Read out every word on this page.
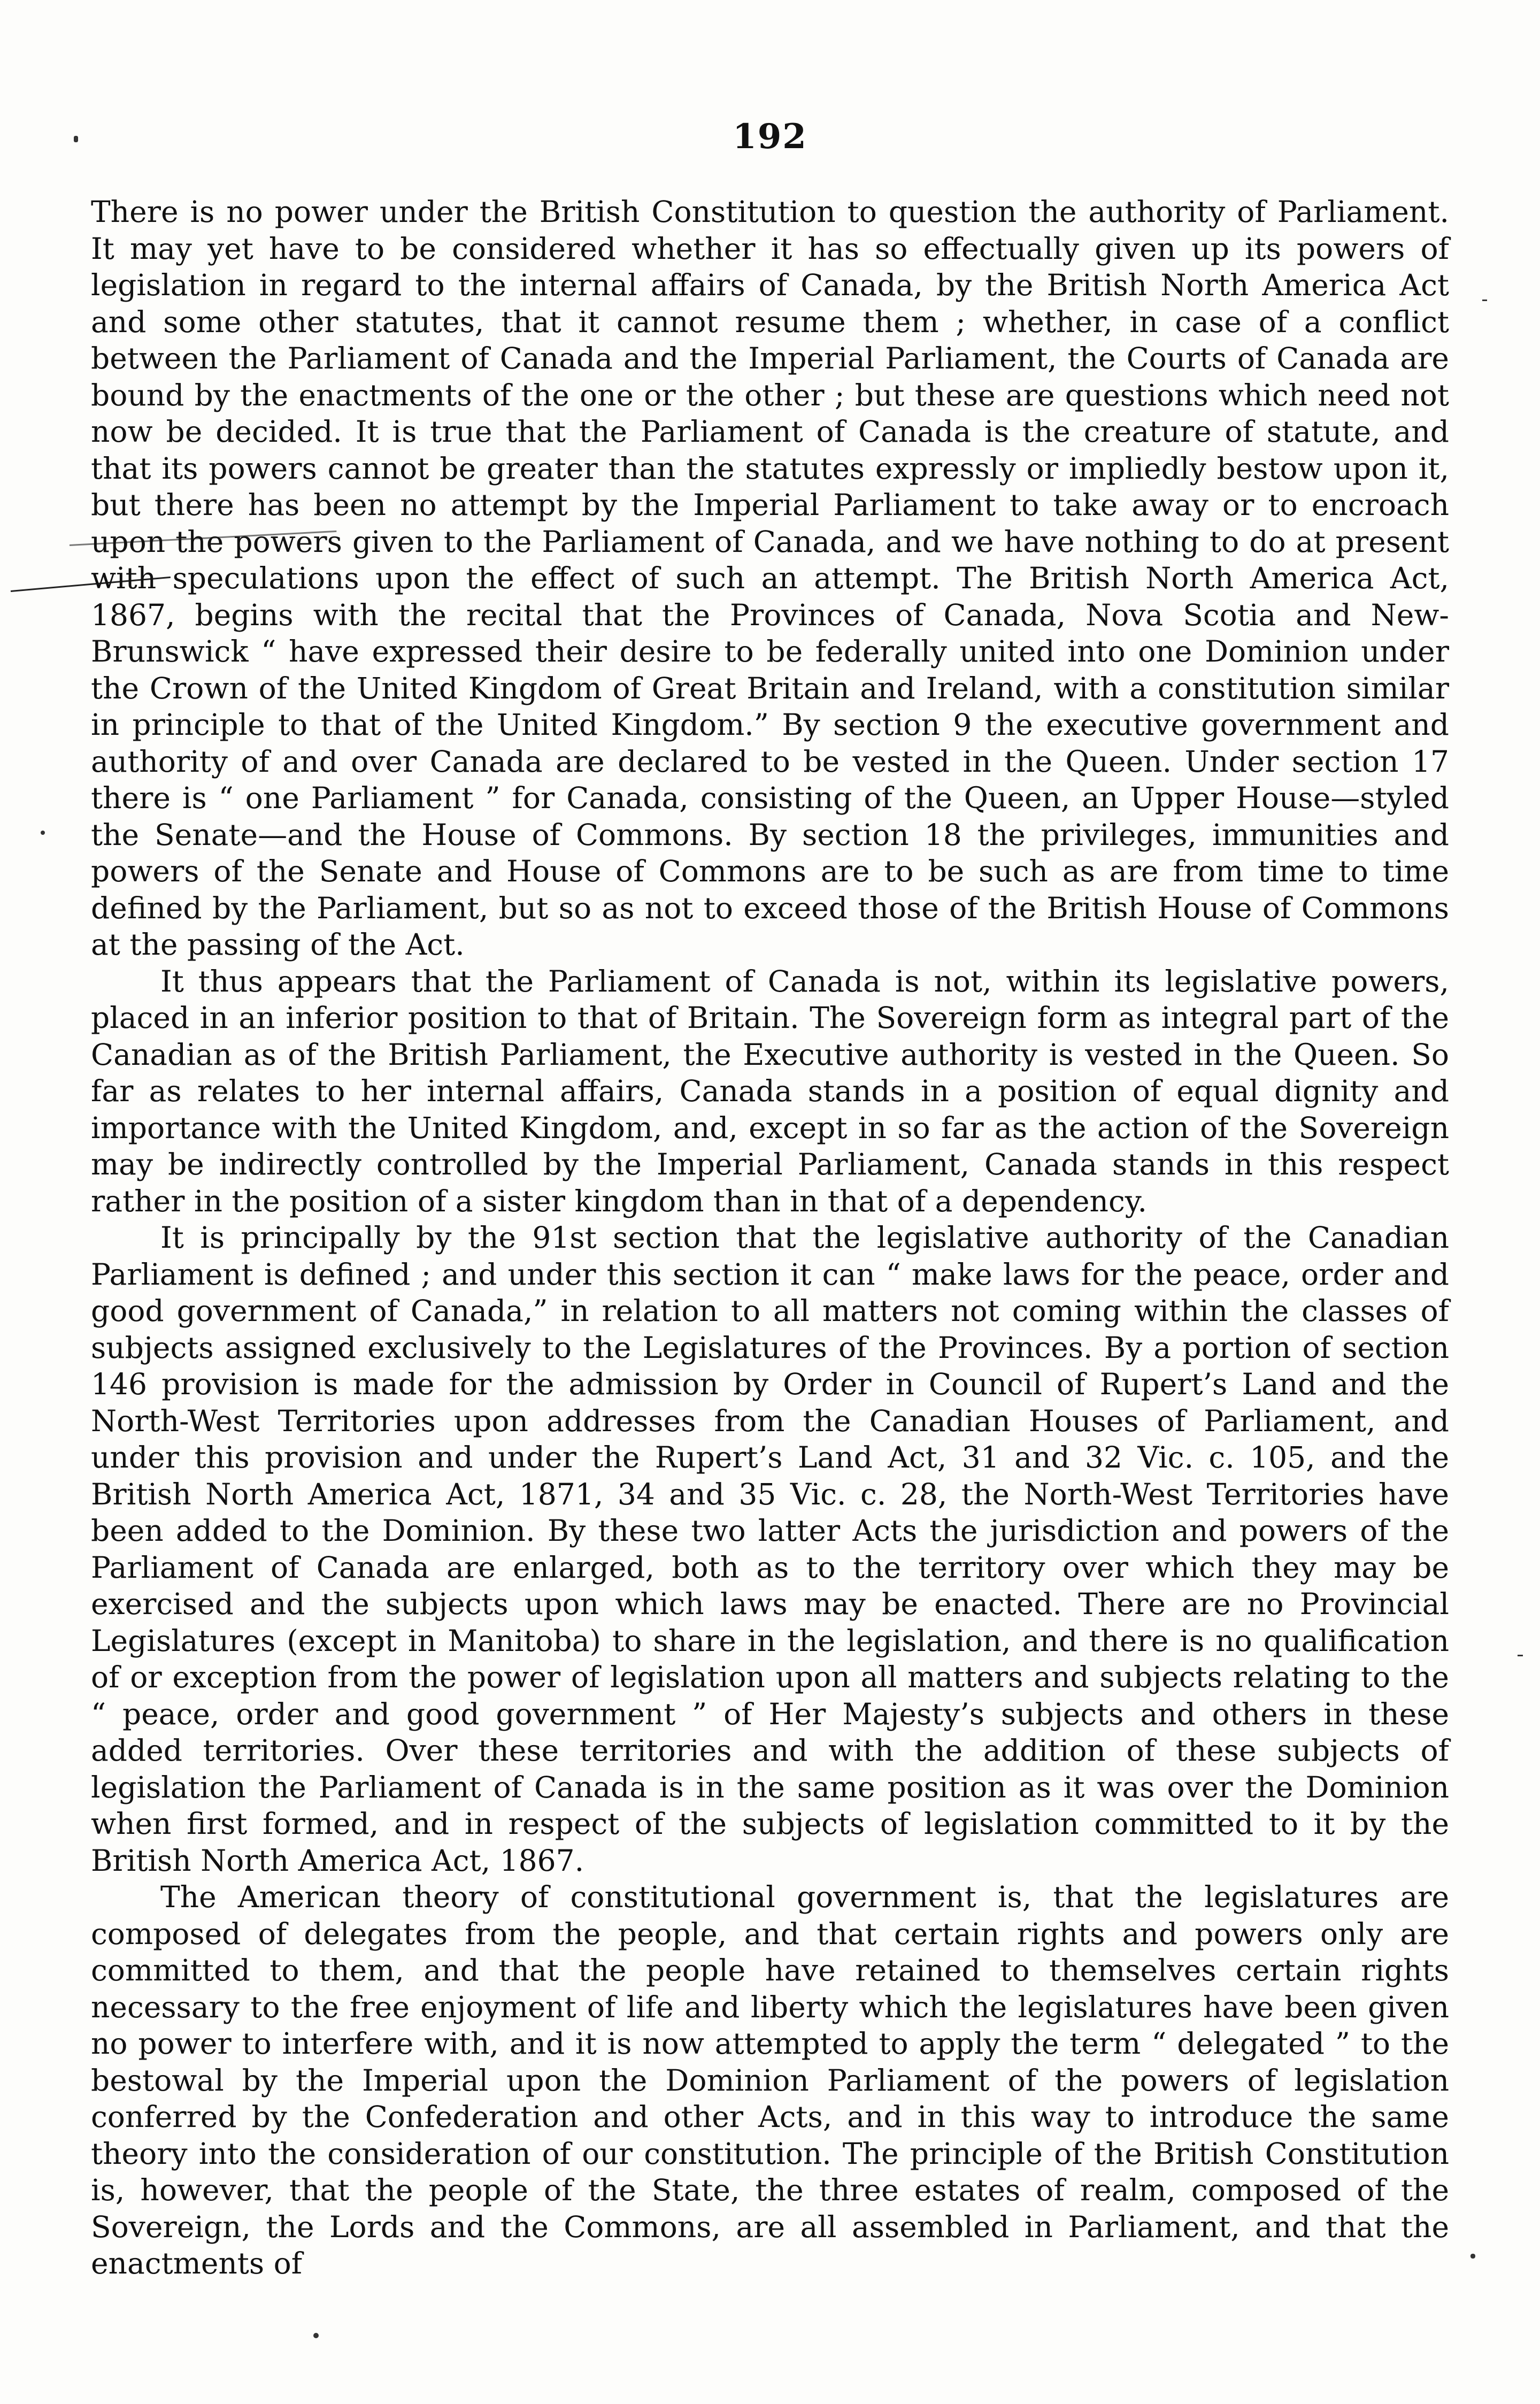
192

There is no power under the British Constitution to question the authority of Parliament. It may yet have to be considered whether it has so effectually given up its powers of legislation in regard to the internal affairs of Canada, by the British North America Act and some other statutes, that it cannot resume them ; whether, in case of a conflict between the Parliament of Canada and the Imperial Parliament, the Courts of Canada are bound by the enactments of the one or the other ; but these are questions which need not now be decided. It is true that the Parliament of Canada is the creature of statute, and that its powers cannot be greater than the statutes expressly or impliedly bestow upon it, but there has been no attempt by the Imperial Parliament to take away or to encroach upon the powers given to the Parliament of Canada, and we have nothing to do at present with speculations upon the effect of such an attempt. The British North America Act, 1867, begins with the recital that the Provinces of Canada, Nova Scotia and New-Brunswick “ have expressed their desire to be federally united into one Dominion under the Crown of the United Kingdom of Great Britain and Ireland, with a constitution similar in principle to that of the United Kingdom.” By section 9 the executive government and authority of and over Canada are declared to be vested in the Queen. Under section 17 there is “ one Parliament ” for Canada, consisting of the Queen, an Upper House—styled the Senate—and the House of Commons. By section 18 the privileges, immunities and powers of the Senate and House of Commons are to be such as are from time to time defined by the Parliament, but so as not to exceed those of the British House of Commons at the passing of the Act.

It thus appears that the Parliament of Canada is not, within its legislative powers, placed in an inferior position to that of Britain. The Sovereign form as integral part of the Canadian as of the British Parliament, the Executive authority is vested in the Queen. So far as relates to her internal affairs, Canada stands in a position of equal dignity and importance with the United Kingdom, and, except in so far as the action of the Sovereign may be indirectly controlled by the Imperial Parliament, Canada stands in this respect rather in the position of a sister kingdom than in that of a dependency.

It is principally by the 91st section that the legislative authority of the Canadian Parliament is defined ; and under this section it can “ make laws for the peace, order and good government of Canada,” in relation to all matters not coming within the classes of subjects assigned exclusively to the Legislatures of the Provinces. By a portion of section 146 provision is made for the admission by Order in Council of Rupert’s Land and the North-West Territories upon addresses from the Canadian Houses of Parliament, and under this provision and under the Rupert’s Land Act, 31 and 32 Vic. c. 105, and the British North America Act, 1871, 34 and 35 Vic. c. 28, the North-West Territories have been added to the Dominion. By these two latter Acts the jurisdiction and powers of the Parliament of Canada are enlarged, both as to the territory over which they may be exercised and the subjects upon which laws may be enacted. There are no Provincial Legislatures (except in Manitoba) to share in the legislation, and there is no qualification of or exception from the power of legislation upon all matters and subjects relating to the “ peace, order and good government ” of Her Majesty’s subjects and others in these added territories. Over these territories and with the addition of these subjects of legislation the Parliament of Canada is in the same position as it was over the Dominion when first formed, and in respect of the subjects of legislation committed to it by the British North America Act, 1867.

The American theory of constitutional government is, that the legislatures are composed of delegates from the people, and that certain rights and powers only are committed to them, and that the people have retained to themselves certain rights necessary to the free enjoyment of life and liberty which the legislatures have been given no power to interfere with, and it is now attempted to apply the term “ delegated ” to the bestowal by the Imperial upon the Dominion Parliament of the powers of legislation conferred by the Confederation and other Acts, and in this way to introduce the same theory into the consideration of our constitution. The principle of the British Constitution is, however, that the people of the State, the three estates of realm, composed of the Sovereign, the Lords and the Commons, are all assembled in Parliament, and that the enactments of
